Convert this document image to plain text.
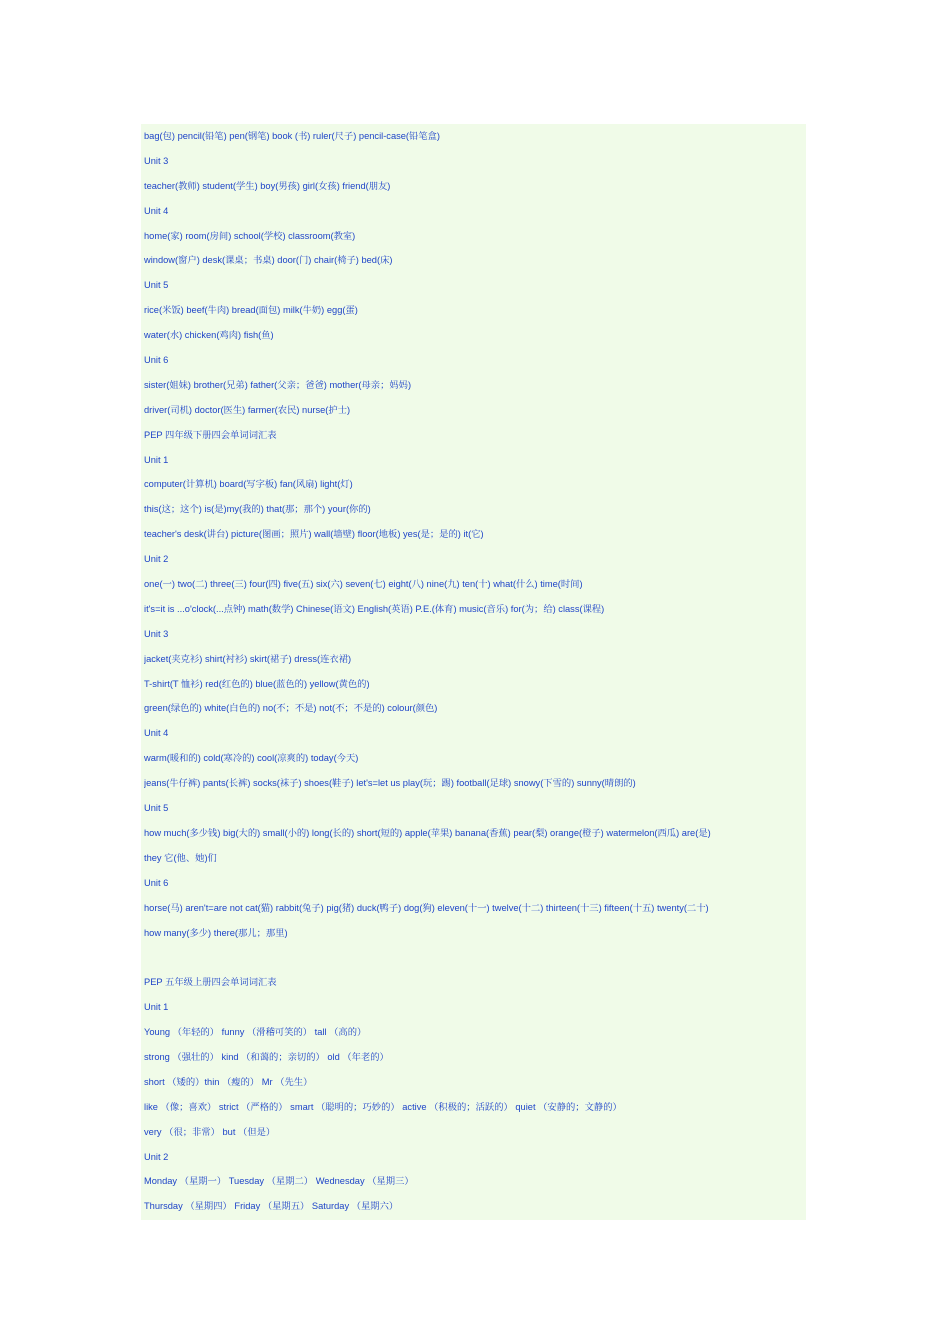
bag(包) pencil(铅笔) pen(钢笔) book (书) ruler(尺子) pencil-case(铅笔盒)
Unit 3
teacher(教师) student(学生) boy(男孩) girl(女孩) friend(朋友)
Unit 4
home(家) room(房间) school(学校) classroom(教室)
window(窗户) desk(课桌；书桌) door(门) chair(椅子) bed(床)
Unit 5
rice(米饭) beef(牛肉) bread(面包) milk(牛奶) egg(蛋)
water(水) chicken(鸡肉) fish(鱼)
Unit 6
sister(姐妹) brother(兄弟) father(父亲；爸爸) mother(母亲；妈妈)
driver(司机) doctor(医生) farmer(农民) nurse(护士)
PEP 四年级下册四会单词词汇表
Unit 1
computer(计算机) board(写字板) fan(风扇) light(灯)
this(这；这个) is(是)my(我的) that(那；那个) your(你的)
teacher's desk(讲台) picture(图画；照片) wall(墙壁) floor(地板) yes(是；是的) it(它)
Unit 2
one(一) two(二) three(三) four(四) five(五) six(六) seven(七) eight(八) nine(九) ten(十) what(什么) time(时间)
it's=it is ...o'clock(...点钟) math(数学) Chinese(语文) English(英语) P.E.(体育) music(音乐) for(为；给) class(课程)
Unit 3
jacket(夹克衫) shirt(衬衫) skirt(裙子) dress(连衣裙)
T-shirt(T 恤衫) red(红色的) blue(蓝色的) yellow(黄色的)
green(绿色的) white(白色的) no(不；不是) not(不；不是的) colour(颜色)
Unit 4
warm(暖和的) cold(寒冷的) cool(凉爽的) today(今天)
jeans(牛仔裤) pants(长裤) socks(袜子) shoes(鞋子) let's=let us play(玩；踢) football(足球) snowy(下雪的) sunny(晴朗的)
Unit 5
how much(多少钱) big(大的) small(小的) long(长的) short(短的) apple(苹果) banana(香蕉) pear(梨) orange(橙子) watermelon(西瓜) are(是)
they 它(他、她)们
Unit 6
horse(马) aren't=are not cat(猫) rabbit(兔子) pig(猪) duck(鸭子) dog(狗) eleven(十一) twelve(十二) thirteen(十三) fifteen(十五) twenty(二十)
how many(多少) there(那儿；那里)
PEP 五年级上册四会单词词汇表
Unit 1
Young （年轻的） funny （滑稽可笑的） tall （高的）
strong （强壮的） kind （和蔼的；亲切的） old （年老的）
short （矮的）thin （瘦的） Mr （先生）
like （像；喜欢） strict （严格的） smart （聪明的；巧妙的） active （积极的；活跃的） quiet （安静的；文静的）
very （很；非常） but （但是）
Unit 2
Monday （星期一） Tuesday （星期二） Wednesday （星期三）
Thursday （星期四） Friday （星期五） Saturday （星期六）
